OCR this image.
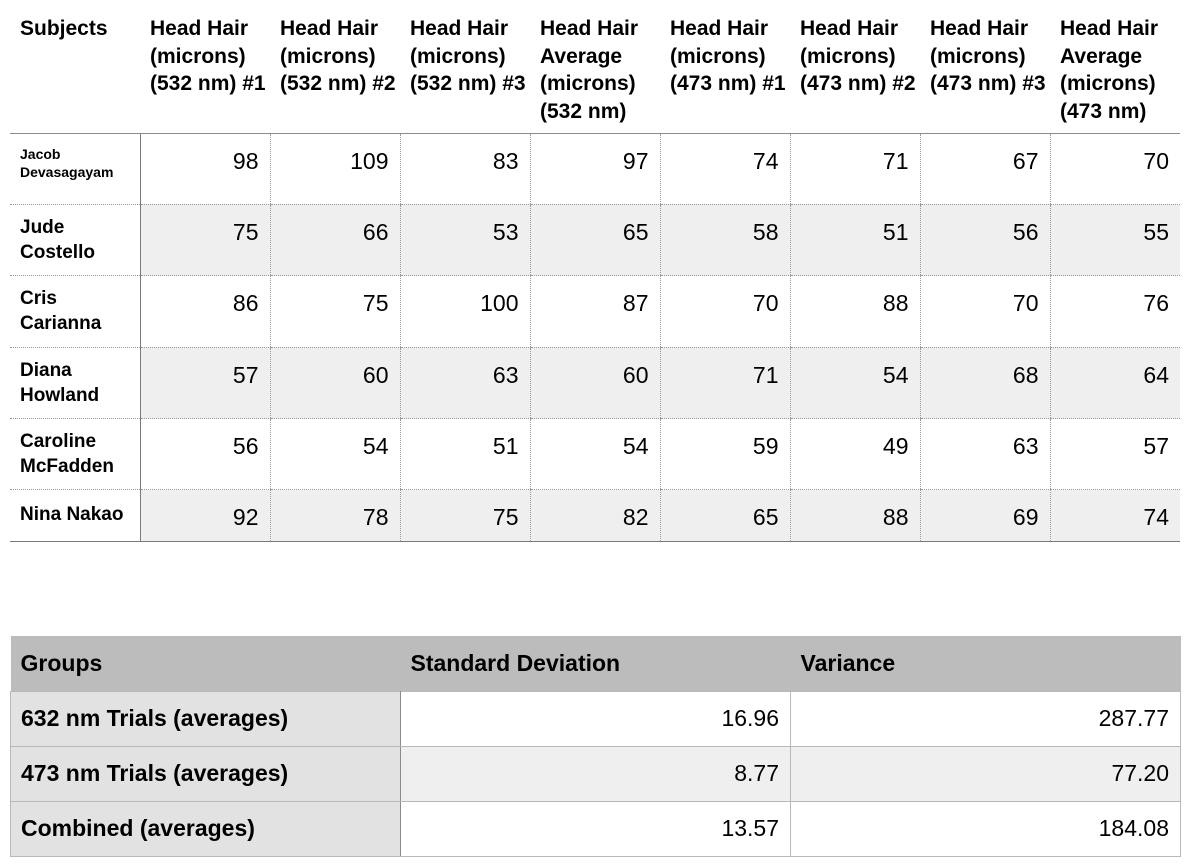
Subjects	Head Hair (microns) (532 nm) #1	Head Hair (microns) (532 nm) #2	Head Hair (microns) (532 nm) #3	Head Hair Average (microns) (532 nm)	Head Hair (microns) (473 nm) #1	Head Hair (microns) (473 nm) #2	Head Hair (microns) (473 nm) #3	Head Hair Average (microns) (473 nm)
Jacob Devasagayam	98	109	83	97	74	71	67	70
Jude Costello	75	66	53	65	58	51	56	55
Cris Carianna	86	75	100	87	70	88	70	76
Diana Howland	57	60	63	60	71	54	68	64
Caroline McFadden	56	54	51	54	59	49	63	57
Nina Nakao	92	78	75	82	65	88	69	74
Groups	Standard Deviation	Variance
632 nm Trials (averages)	16.96	287.77
473 nm Trials (averages)	8.77	77.20
Combined (averages)	13.57	184.08
